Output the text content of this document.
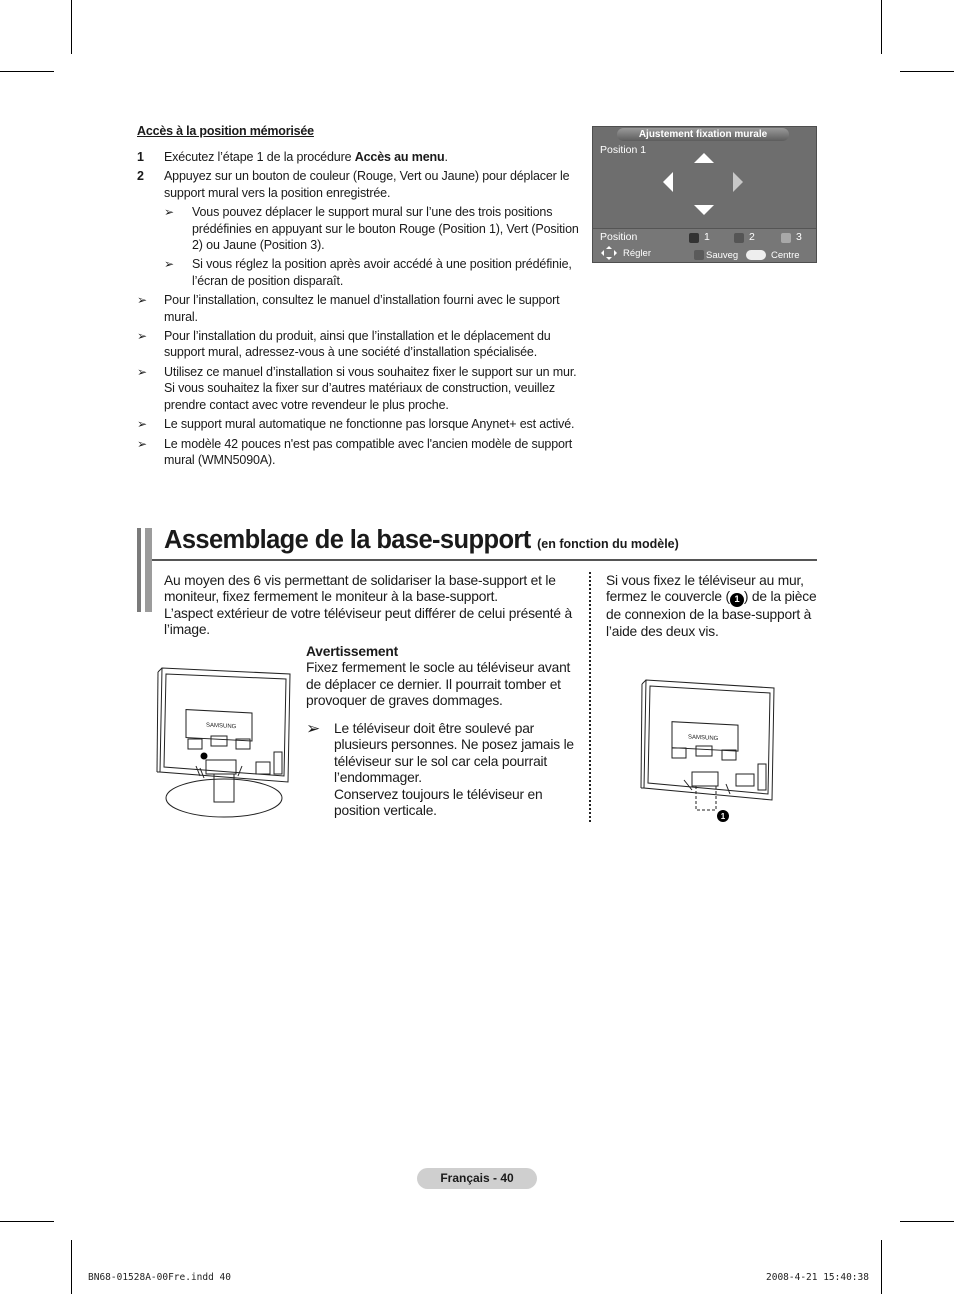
Accès à la position mémorisée
1 Exécutez l’étape 1 de la procédure Accès au menu.
2 Appuyez sur un bouton de couleur (Rouge, Vert ou Jaune) pour déplacer le support mural vers la position enregistrée.
➢ Vous pouvez déplacer le support mural sur l’une des trois positions prédéfinies en appuyant sur le bouton Rouge (Position 1), Vert (Position 2) ou Jaune (Position 3).
➢ Si vous réglez la position après avoir accédé à une position prédéfinie, l’écran de position disparaît.
➢ Pour l’installation, consultez le manuel d’installation fourni avec le support mural.
➢ Pour l’installation du produit, ainsi que l’installation et le déplacement du support mural, adressez-vous à une société d’installation spécialisée.
➢ Utilisez ce manuel d’installation si vous souhaitez fixer le support sur un mur. Si vous souhaitez la fixer sur d’autres matériaux de construction, veuillez prendre contact avec votre revendeur le plus proche.
➢ Le support mural automatique ne fonctionne pas lorsque Anynet+ est activé.
➢ Le modèle 42 pouces n'est pas compatible avec l'ancien modèle de support mural (WMN5090A).
Ajustement fixation murale
Position 1
Position	1	2	3
Régler	Sauveg	Centre
Assemblage de la base-support (en fonction du modèle)
Au moyen des 6 vis permettant de solidariser la base-support et le moniteur, fixez fermement le moniteur à la base-support.
L’aspect extérieur de votre téléviseur peut différer de celui présenté à l’image.
Avertissement
Fixez fermement le socle au téléviseur avant de déplacer ce dernier. Il pourrait tomber et provoquer de graves dommages.
➢ Le téléviseur doit être soulevé par plusieurs personnes. Ne posez jamais le téléviseur sur le sol car cela pourrait l’endommager.
Conservez toujours le téléviseur en position verticale.
Si vous fixez le téléviseur au mur, fermez le couvercle ( 1 ) de la pièce de connexion de la base-support à l’aide des deux vis.
SAMSUNG
SAMSUNG
1
Français - 40
BN68-01528A-00Fre.indd 40	2008-4-21 15:40:38
